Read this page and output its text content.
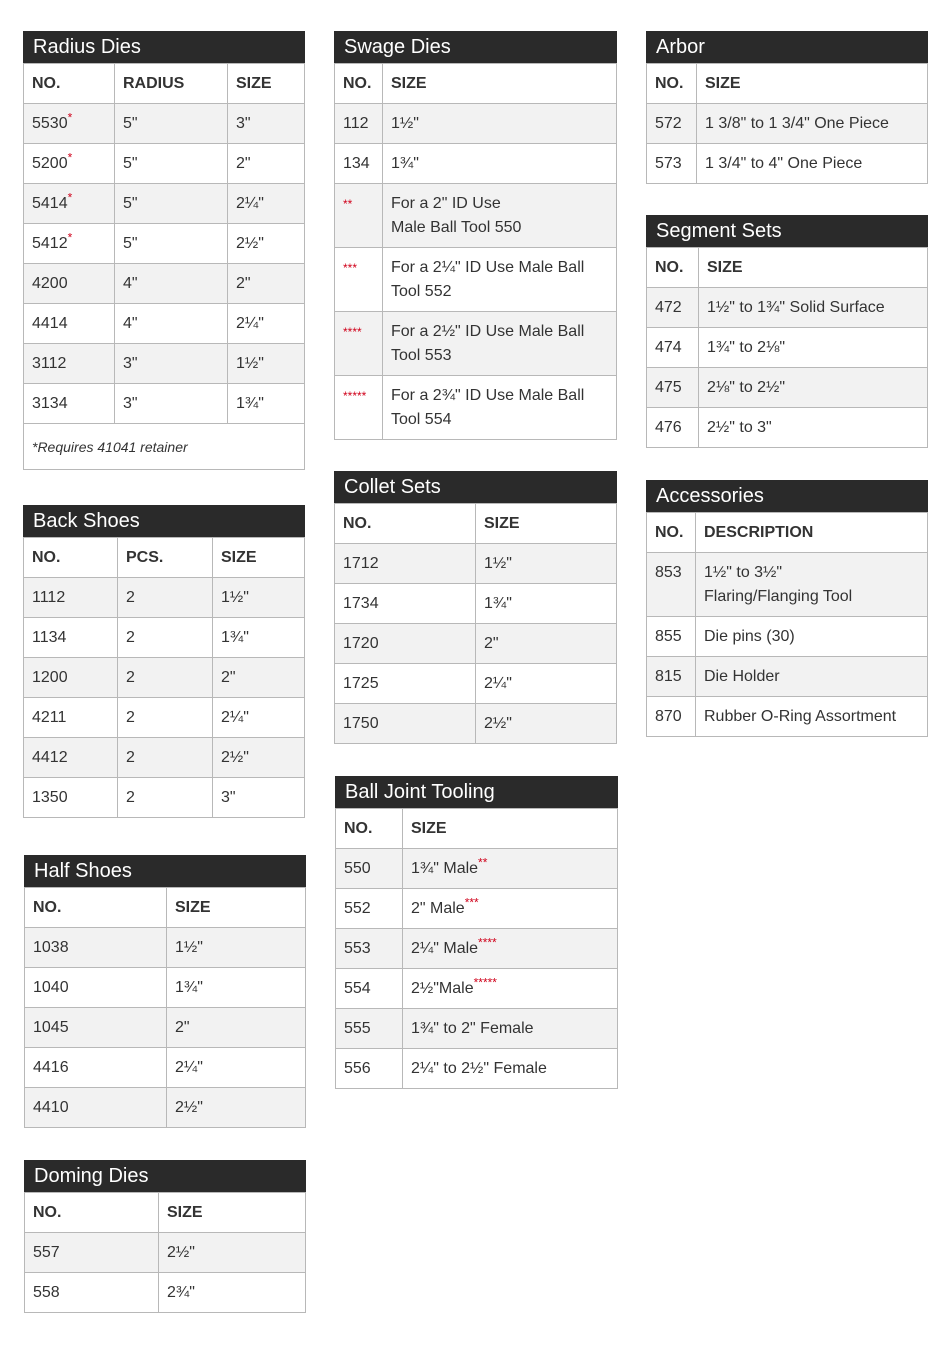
Radius Dies
NO.	RADIUS	SIZE
5530*	5"	3"
5200*	5"	2"
5414*	5"	2¼"
5412*	5"	2½"
4200	4"	2"
4414	4"	2¼"
3112	3"	1½"
3134	3"	1¾"
*Requires 41041 retainer		
Back Shoes
NO.	PCS.	SIZE
1112	2	1½"
1134	2	1¾"
1200	2	2"
4211	2	2¼"
4412	2	2½"
1350	2	3"
Half Shoes
NO.	SIZE
1038	1½"
1040	1¾"
1045	2"
4416	2¼"
4410	2½"
Doming Dies
NO.	SIZE
557	2½"
558	2¾"
Swage Dies
NO.	SIZE
112	1½"
134	1¾"
**	For a 2" ID Use
Male Ball Tool 550
***	For a 2¼" ID Use Male Ball
Tool 552
****	For a 2½" ID Use Male Ball
Tool 553
*****	For a 2¾" ID Use Male Ball
Tool 554
Collet Sets
NO.	SIZE
1712	1½"
1734	1¾"
1720	2"
1725	2¼"
1750	2½"
Ball Joint Tooling
NO.	SIZE
550	1¾" Male**
552	2" Male***
553	2¼" Male****
554	2½"Male*****
555	1¾" to 2" Female
556	2¼" to 2½" Female
Arbor
NO.	SIZE
572	1 3/8" to 1 3/4" One Piece
573	1 3/4" to 4" One Piece
Segment Sets
NO.	SIZE
472	1½" to 1¾" Solid Surface
474	1¾" to 2⅛"
475	2⅛" to 2½"
476	2½" to 3"
Accessories
NO.	DESCRIPTION
853	1½" to 3½"
Flaring/Flanging Tool
855	Die pins (30)
815	Die Holder
870	Rubber O-Ring Assortment
